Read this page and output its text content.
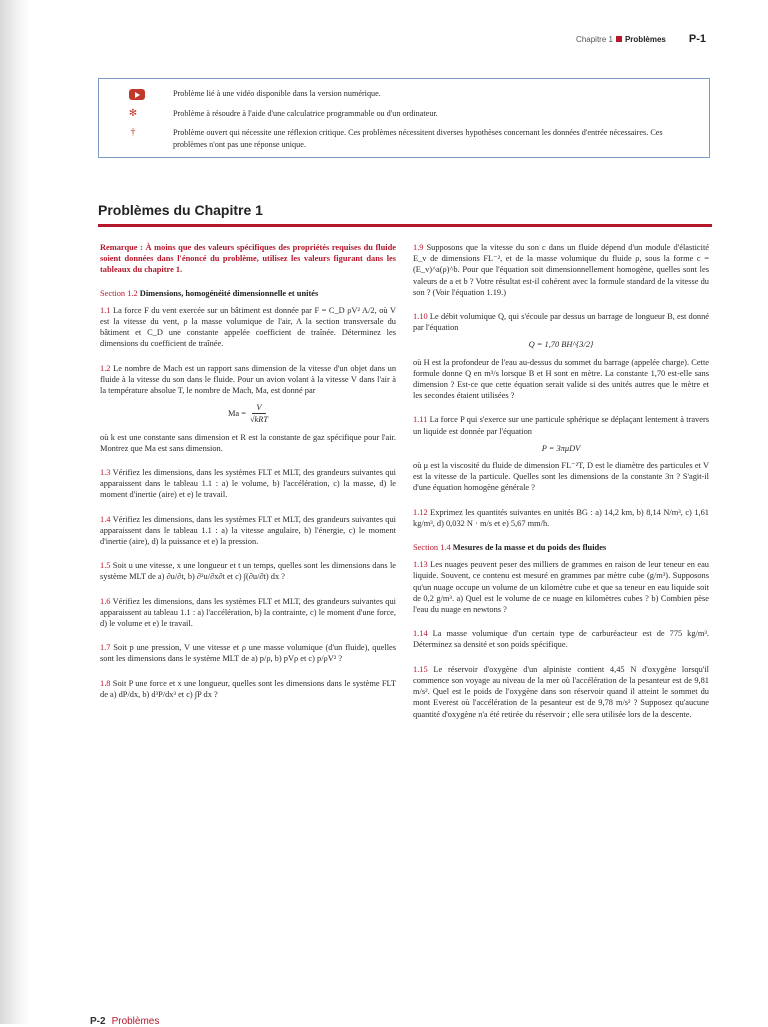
Chapitre 1 Problèmes P-1
Problème lié à une vidéo disponible dans la version numérique.
✻	Problème à résoudre à l'aide d'une calculatrice programmable ou d'un ordinateur.
†	Problème ouvert qui nécessite une réflexion critique. Ces problèmes nécessitent diverses hypothèses concernant les données d'entrée nécessaires. Ces problèmes n'ont pas une réponse unique.
Problèmes du Chapitre 1

Remarque : À moins que des valeurs spécifiques des propriétés requises du fluide soient données dans l'énoncé du problème, utilisez les valeurs figurant dans les tableaux du chapitre 1.

Section 1.2 Dimensions, homogénéité dimensionnelle et unités
1.1 La force F du vent exercée sur un bâtiment est donnée par F = C_D ρV² A/2, où V est la vitesse du vent, ρ la masse volumique de l'air, A la section transversale du bâtiment et C_D une constante appelée coefficient de traînée. Déterminez les dimensions du coefficient de traînée.
1.2 Le nombre de Mach est un rapport sans dimension de la vitesse d'un objet dans un fluide à la vitesse du son dans le fluide. Pour un avion volant à la vitesse V dans l'air à la température absolue T, le nombre de Mach, Ma, est donné par
$Ma = \frac{V}{\text{√kRT}}$
où k est une constante sans dimension et R est la constante de gaz spécifique pour l'air. Montrez que Ma est sans dimension.
1.3 Vérifiez les dimensions, dans les systèmes FLT et MLT, des grandeurs suivantes qui apparaissent dans le tableau 1.1 : a) le volume, b) l'accélération, c) la masse, d) le moment d'inertie (aire) et e) le travail.
1.4 Vérifiez les dimensions, dans les systèmes FLT et MLT, des grandeurs suivantes qui apparaissent dans le tableau 1.1 : a) la vitesse angulaire, b) l'énergie, c) le moment d'inertie (aire), d) la puissance et e) la pression.
1.5 Soit u une vitesse, x une longueur et t un temps, quelles sont les dimensions dans le système MLT de a) ∂u/∂t, b) ∂²u/∂x∂t et c) ∫(∂u/∂t) dx ?
1.6 Vérifiez les dimensions, dans les systèmes FLT et MLT, des grandeurs suivantes qui apparaissent au tableau 1.1 : a) l'accélération, b) la contrainte, c) le moment d'une force, d) le volume et e) le travail.
1.7 Soit p une pression, V une vitesse et ρ une masse volumique (d'un fluide), quelles sont les dimensions dans le système MLT de a) p/ρ, b) pVρ et c) p/ρV² ?
1.8 Soit P une force et x une longueur, quelles sont les dimensions dans le système FLT de a) dP/dx, b) d³P/dx³ et c) ∫P dx ?
1.9 Supposons que la vitesse du son c dans un fluide dépend d'un module d'élasticité E_v de dimensions FL⁻², et de la masse volumique du fluide ρ, sous la forme c = (E_v)^a(ρ)^b. Pour que l'équation soit dimensionnellement homogène, quelles sont les valeurs de a et b ? Votre résultat est-il cohérent avec la formule standard de la vitesse du son ? (Voir l'équation 1.19.)
1.10 Le débit volumique Q, qui s'écoule par dessus un barrage de longueur B, est donné par l'équation
Q = 1,70 BH^{3/2}
où H est la profondeur de l'eau au-dessus du sommet du barrage (appelée charge). Cette formule donne Q en m³/s lorsque B et H sont en mètre. La constante 1,70 est-elle sans dimension ? Est-ce que cette équation serait valide si des unités autres que le mètre et les secondes étaient utilisées ?
1.11 La force P qui s'exerce sur une particule sphérique se déplaçant lentement à travers un liquide est donnée par l'équation
P = 3πμDV
où μ est la viscosité du fluide de dimension FL⁻²T, D est le diamètre des particules et V est la vitesse de la particule. Quelles sont les dimensions de la constante 3π ? S'agit-il d'une équation homogène générale ?
1.12 Exprimez les quantités suivantes en unités BG : a) 14,2 km, b) 8,14 N/m³, c) 1,61 kg/m³, d) 0,032 N · m/s et e) 5,67 mm/h.
Section 1.4 Mesures de la masse et du poids des fluides
1.13 Les nuages peuvent peser des milliers de grammes en raison de leur teneur en eau liquide. Souvent, ce contenu est mesuré en grammes par mètre cube (g/m³). Supposons qu'un nuage occupe un volume de un kilomètre cube et que sa teneur en eau liquide soit de 0,2 g/m³. a) Quel est le volume de ce nuage en kilomètres cubes ? b) Combien pèse l'eau du nuage en newtons ?
1.14 La masse volumique d'un certain type de carburéacteur est de 775 kg/m³. Déterminez sa densité et son poids spécifique.
1.15 Le réservoir d'oxygène d'un alpiniste contient 4,45 N d'oxygène lorsqu'il commence son voyage au niveau de la mer où l'accélération de la pesanteur est de 9,81 m/s². Quel est le poids de l'oxygène dans son réservoir quand il atteint le sommet du mont Everest où l'accélération de la pesanteur est de 9,78 m/s² ? Supposez qu'aucune quantité d'oxygène n'a été retirée du réservoir ; elle sera utilisée lors de la descente.
P-2 Problèmes
